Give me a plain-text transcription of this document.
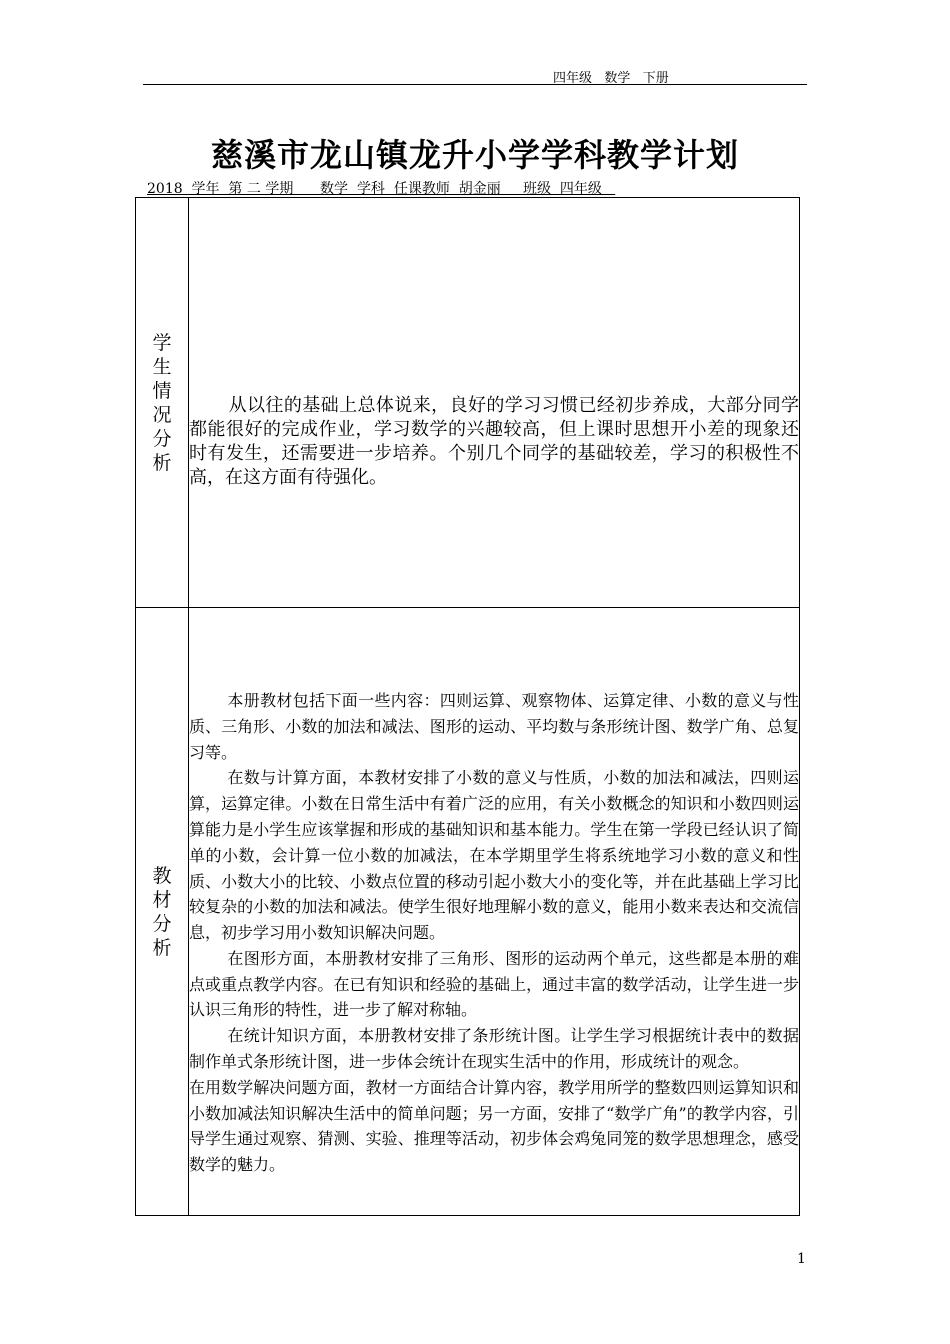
四年级   数学   下册
慈溪市龙山镇龙升小学学科教学计划
2018  学年  第 二 学期      数学  学科  任课教师  胡金丽     班级  四年级
学生情况分析	从以往的基础上总体说来，良好的学习习惯已经初步养成，大部分同学都能很好的完成作业，学习数学的兴趣较高，但上课时思想开小差的现象还时有发生，还需要进一步培养。个别几个同学的基础较差，学习的积极性不高，在这方面有待强化。

教材分析	本册教材包括下面一些内容：四则运算、观察物体、运算定律、小数的意义与性质、三角形、小数的加法和减法、图形的运动、平均数与条形统计图、数学广角、总复习等。

在数与计算方面，本教材安排了小数的意义与性质，小数的加法和减法，四则运算，运算定律。小数在日常生活中有着广泛的应用，有关小数概念的知识和小数四则运算能力是小学生应该掌握和形成的基础知识和基本能力。学生在第一学段已经认识了简单的小数，会计算一位小数的加减法，在本学期里学生将系统地学习小数的意义和性质、小数大小的比较、小数点位置的移动引起小数大小的变化等，并在此基础上学习比较复杂的小数的加法和减法。使学生很好地理解小数的意义，能用小数来表达和交流信息，初步学习用小数知识解决问题。

在图形方面，本册教材安排了三角形、图形的运动两个单元，这些都是本册的难点或重点教学内容。在已有知识和经验的基础上，通过丰富的数学活动，让学生进一步认识三角形的特性，进一步了解对称轴。

在统计知识方面，本册教材安排了条形统计图。让学生学习根据统计表中的数据制作单式条形统计图，进一步体会统计在现实生活中的作用，形成统计的观念。

在用数学解决问题方面，教材一方面结合计算内容，教学用所学的整数四则运算知识和小数加减法知识解决生活中的简单问题；另一方面，安排了“数学广角”的教学内容，引导学生通过观察、猜测、实验、推理等活动，初步体会鸡兔同笼的数学思想理念，感受数学的魅力。

1
